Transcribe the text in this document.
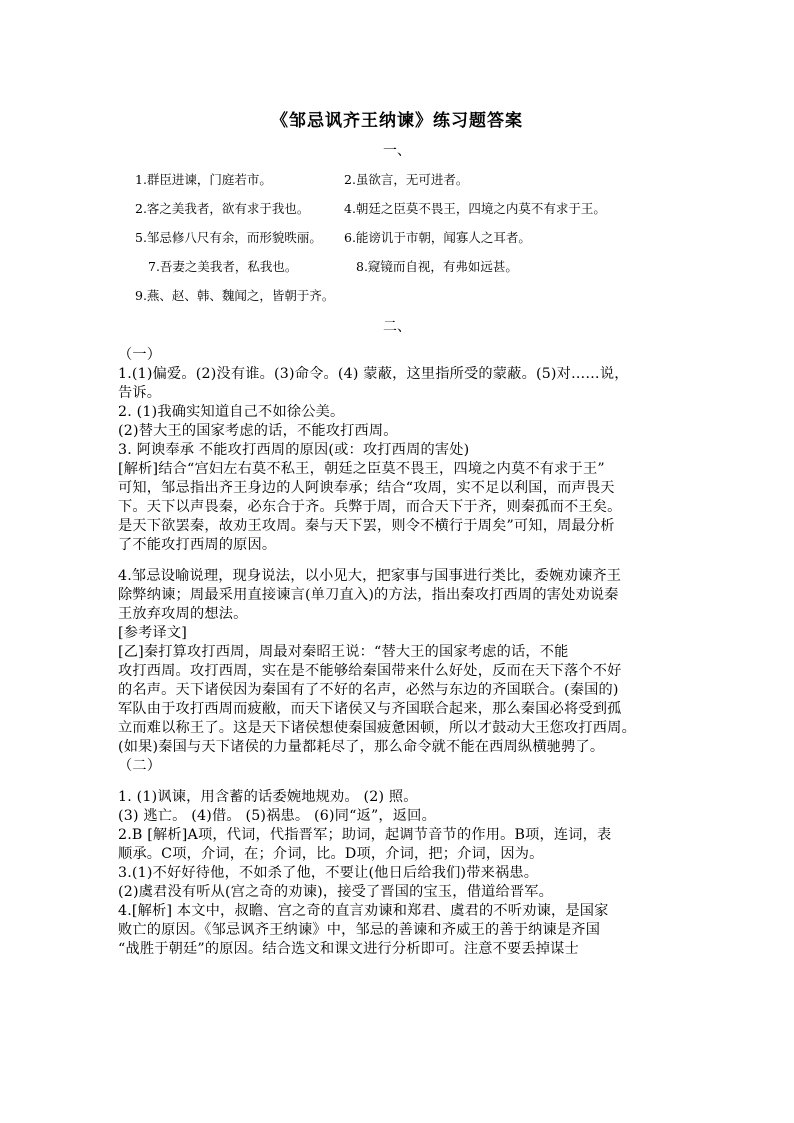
《邹忌讽齐王纳谏》练习题答案
一、
1.群臣进谏，门庭若市。	2.虽欲言，无可进者。
2.客之美我者，欲有求于我也。	4.朝廷之臣莫不畏王，四境之内莫不有求于王。
5.邹忌修八尺有余，而形貌昳丽。 6.能谤讥于市朝，闻寡人之耳者。
7.吾妻之美我者，私我也。	8.窥镜而自视，有弗如远甚。
9.燕、赵、韩、魏闻之，皆朝于齐。
二、

（一）

1.(1)偏爱。(2)没有谁。(3)命令。(4) 蒙蔽，这里指所受的蒙蔽。(5)对……说，

告诉。

2. (1)我确实知道自己不如徐公美。

(2)替大王的国家考虑的话，不能攻打西周。

3. 阿谀奉承 不能攻打西周的原因(或：攻打西周的害处)

[解析]结合“宫妇左右莫不私王，朝廷之臣莫不畏王，四境之内莫不有求于王”

可知，邹忌指出齐王身边的人阿谀奉承；结合“攻周，实不足以利国，而声畏天

下。天下以声畏秦，必东合于齐。兵弊于周，而合天下于齐，则秦孤而不王矣。

是天下欲罢秦，故劝王攻周。秦与天下罢，则令不横行于周矣”可知，周最分析

了不能攻打西周的原因。

4.邹忌设喻说理，现身说法，以小见大，把家事与国事进行类比，委婉劝谏齐王

除弊纳谏；周最采用直接谏言(单刀直入)的方法，指出秦攻打西周的害处劝说秦

王放弃攻周的想法。

[参考译文]

[乙]秦打算攻打西周，周最对秦昭王说：“替大王的国家考虑的话，不能

攻打西周。攻打西周，实在是不能够给秦国带来什么好处，反而在天下落个不好

的名声。天下诸侯因为秦国有了不好的名声，必然与东边的齐国联合。(秦国的)

军队由于攻打西周而疲敝，而天下诸侯又与齐国联合起来，那么秦国必将受到孤

立而难以称王了。这是天下诸侯想使秦国疲惫困顿，所以才鼓动大王您攻打西周。

(如果)秦国与天下诸侯的力量都耗尽了，那么命令就不能在西周纵横驰骋了。

（二）

1. (1)讽谏，用含蓄的话委婉地规劝。 (2) 照。

(3) 逃亡。 (4)借。 (5)祸患。 (6)同“返”，返回。

2.B [解析]A项，代词，代指晋军；助词，起调节音节的作用。B项，连词，表

顺承。C项，介词，在；介词，比。D项，介词，把；介词，因为。

3.(1)不好好待他，不如杀了他，不要让(他日后给我们)带来祸患。

(2)虞君没有听从(宫之奇的劝谏)，接受了晋国的宝玉，借道给晋军。

4.[解析] 本文中，叔瞻、宫之奇的直言劝谏和郑君、虞君的不听劝谏，是国家

败亡的原因。《邹忌讽齐王纳谏》中，邹忌的善谏和齐威王的善于纳谏是齐国

“战胜于朝廷”的原因。结合选文和课文进行分析即可。注意不要丢掉谋士
